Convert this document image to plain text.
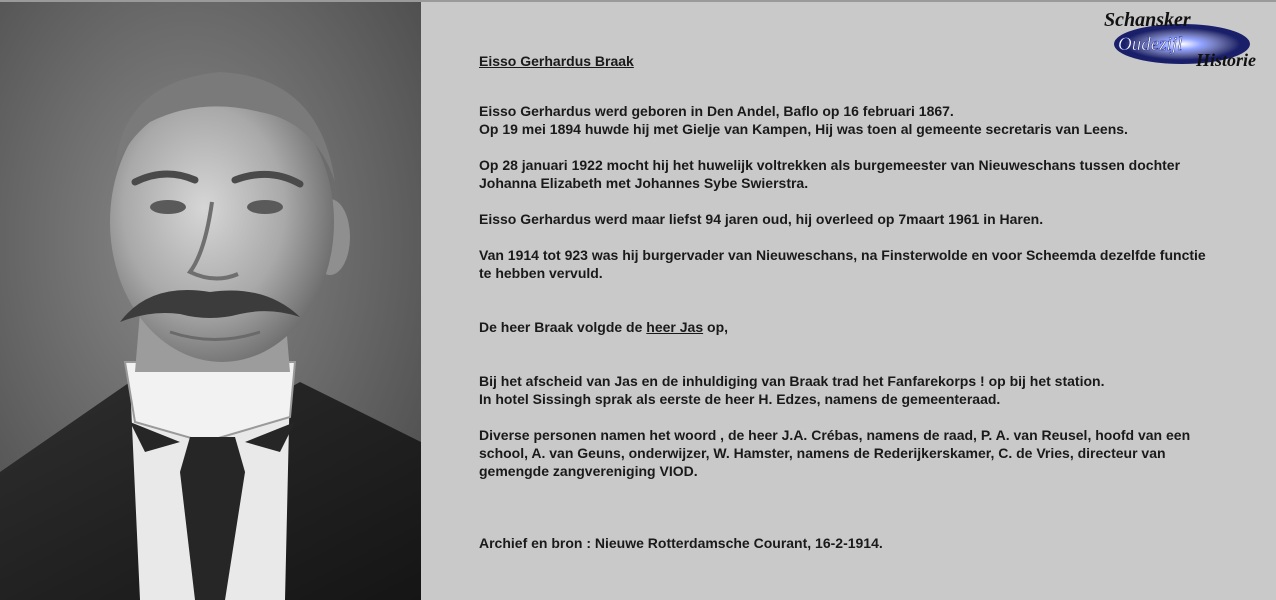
Schansker
Oudezijl
Historie

Eisso Gerhardus Braak

Eisso Gerhardus werd geboren in Den Andel, Baflo op 16 februari 1867.
Op 19 mei 1894 huwde hij met Gielje van Kampen, Hij was toen al gemeente secretaris van Leens.

Op 28 januari 1922 mocht hij het huwelijk voltrekken als burgemeester van Nieuweschans tussen dochter
Johanna Elizabeth met Johannes Sybe Swierstra.

Eisso Gerhardus werd maar liefst 94 jaren oud, hij overleed op 7maart 1961 in Haren.

Van 1914 tot 923 was hij burgervader van Nieuweschans, na Finsterwolde en voor Scheemda dezelfde functie
te hebben vervuld.

De heer Braak volgde de heer Jas op,

Bij het afscheid van Jas en de inhuldiging van Braak trad het Fanfarekorps ! op bij het station.
In hotel Sissingh sprak als eerste de heer H. Edzes, namens de gemeenteraad.

Diverse personen namen het woord , de heer J.A. Crébas, namens de raad, P. A. van Reusel, hoofd van een
school, A. van Geuns, onderwijzer, W. Hamster, namens de Rederijkerskamer, C. de Vries, directeur van
gemengde zangvereniging VIOD.

Archief en bron : Nieuwe Rotterdamsche Courant, 16-2-1914.
